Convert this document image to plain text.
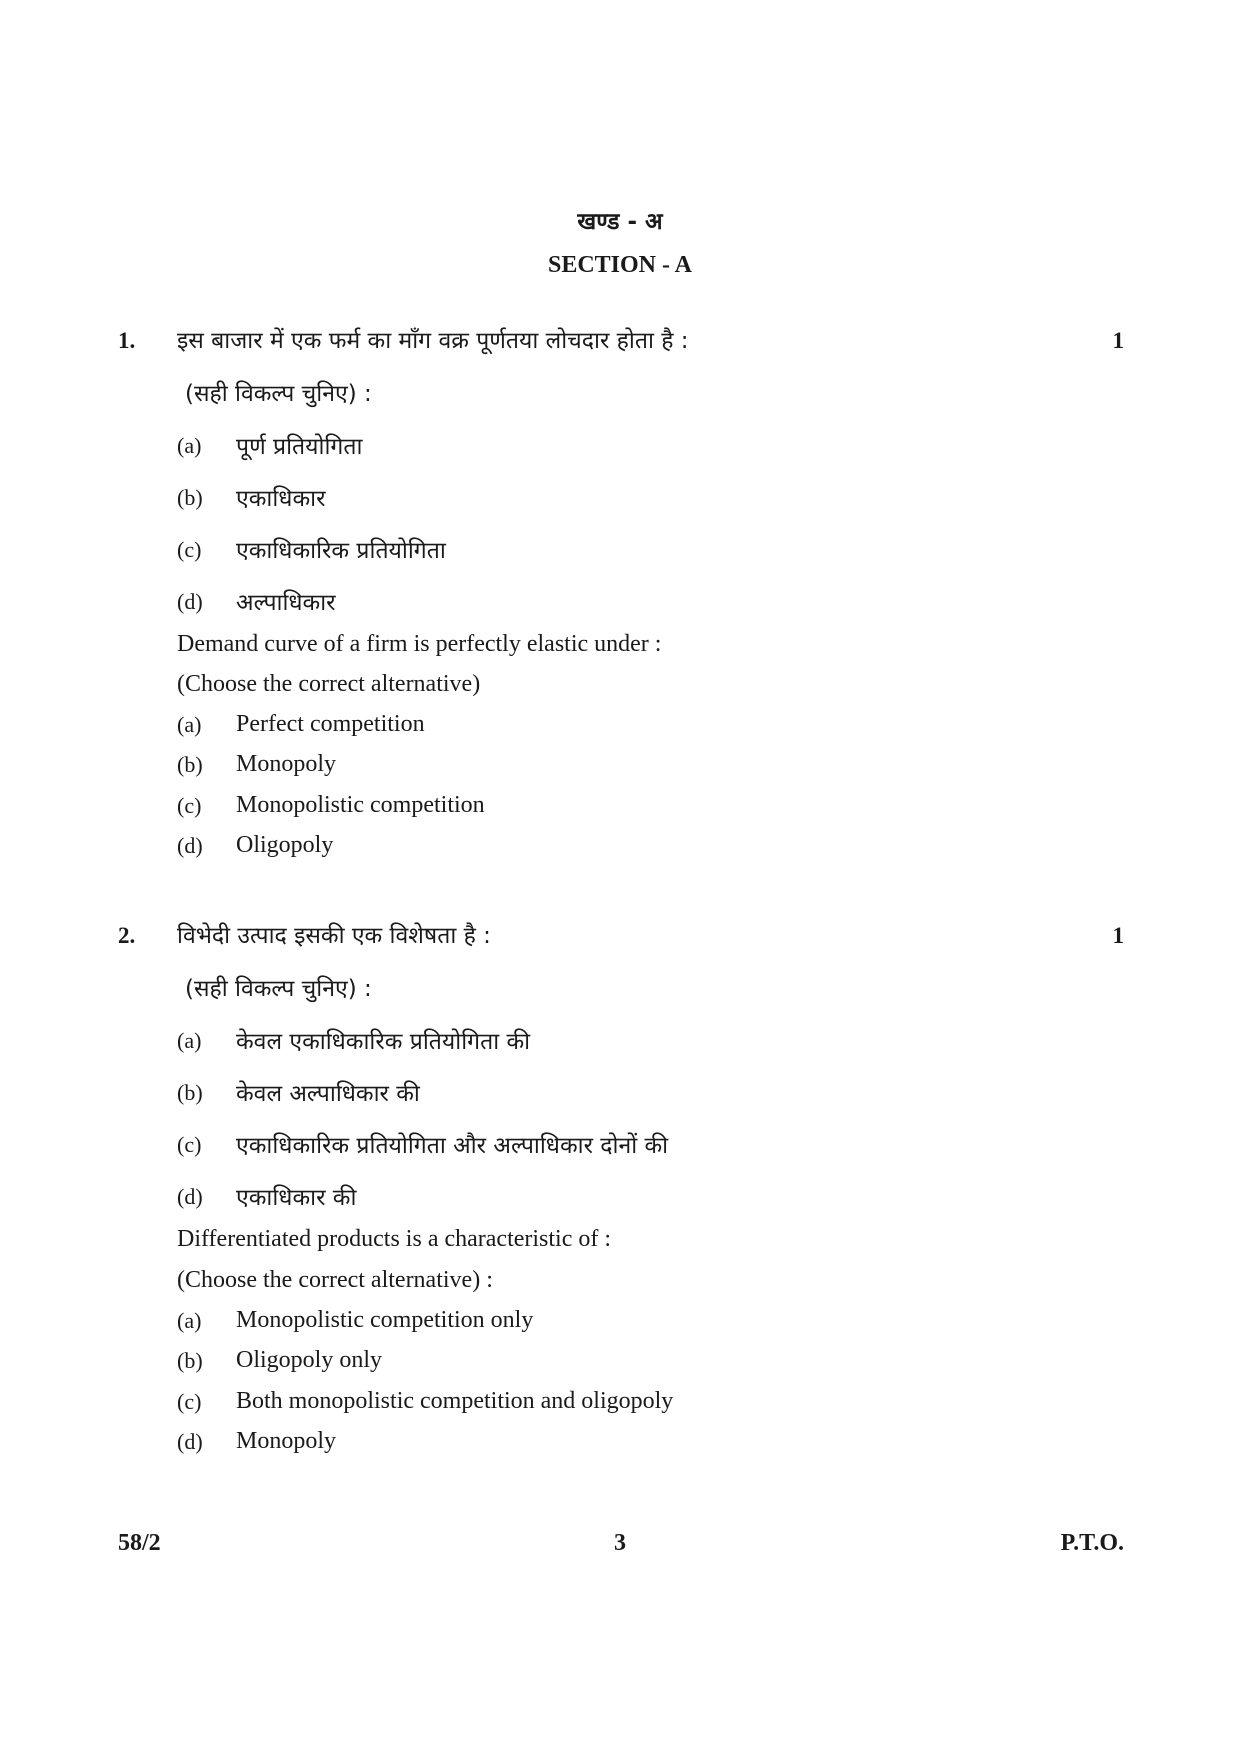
खण्ड - अ
SECTION - A
1. इस बाजार में एक फर्म का माँग वक्र पूर्णतया लोचदार होता है :	1
(सही विकल्प चुनिए) :
(a) पूर्ण प्रतियोगिता
(b) एकाधिकार
(c) एकाधिकारिक प्रतियोगिता
(d) अल्पाधिकार
Demand curve of a firm is perfectly elastic under :
(Choose the correct alternative)
(a) Perfect competition
(b) Monopoly
(c) Monopolistic competition
(d) Oligopoly
2. विभेदी उत्पाद इसकी एक विशेषता है :	1
(सही विकल्प चुनिए) :
(a) केवल एकाधिकारिक प्रतियोगिता की
(b) केवल अल्पाधिकार की
(c) एकाधिकारिक प्रतियोगिता और अल्पाधिकार दोनों की
(d) एकाधिकार की
Differentiated products is a characteristic of :
(Choose the correct alternative) :
(a) Monopolistic competition only
(b) Oligopoly only
(c) Both monopolistic competition and oligopoly
(d) Monopoly
58/2	3	P.T.O.
